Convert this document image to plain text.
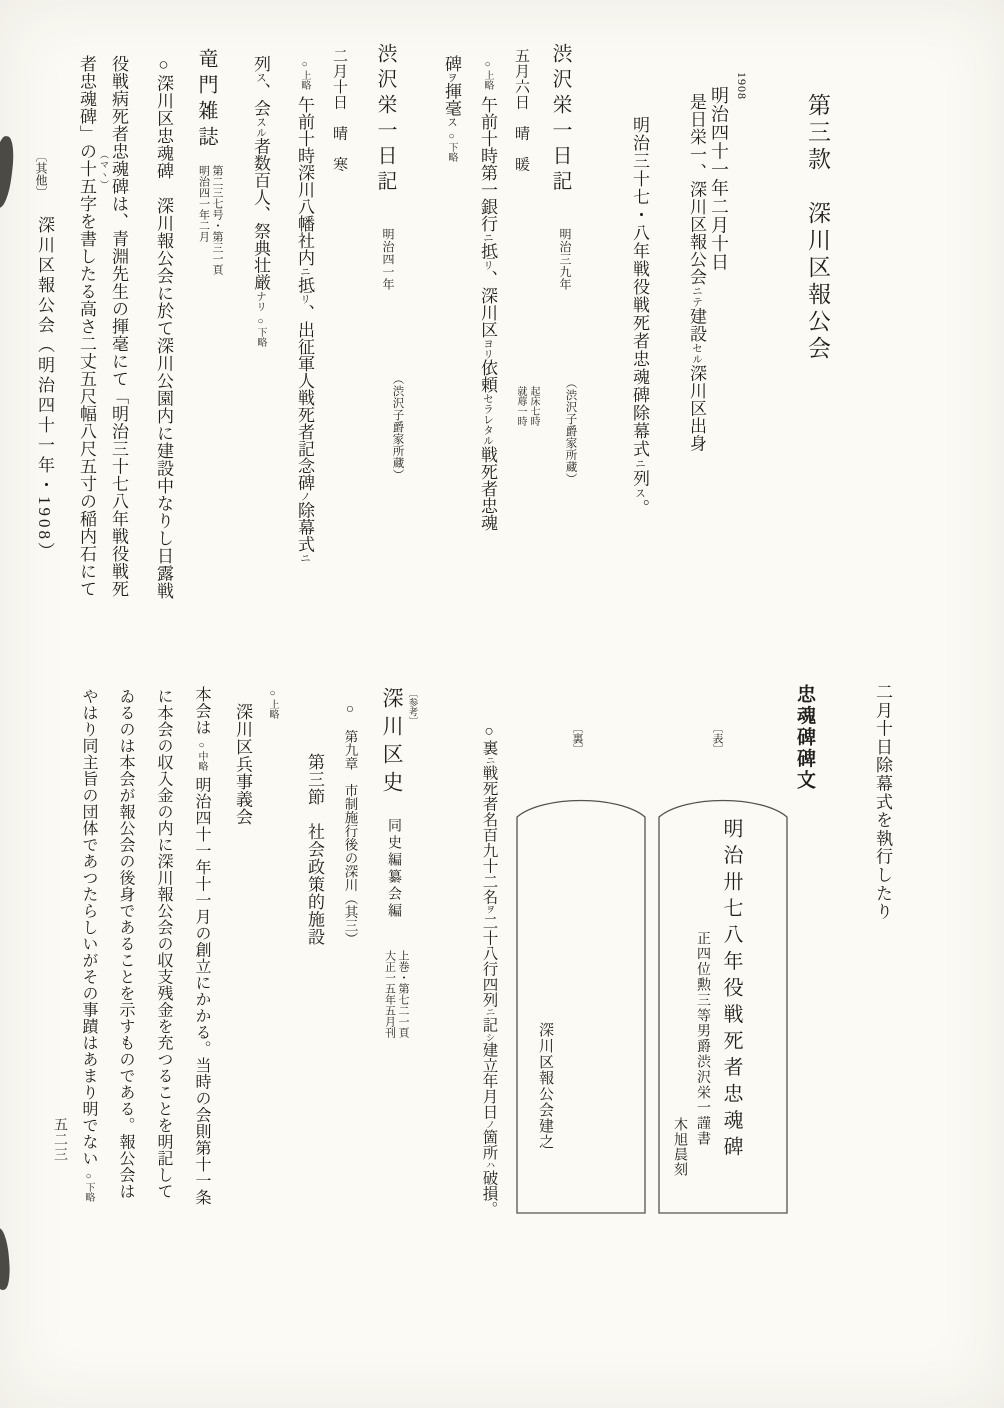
第三款　深川区報公会
1908
明治四十一年二月十日
是日栄一、深川区報公会ニテ建設セル深川区出身
明治三十七・八年戦役戦死者忠魂碑除幕式ニ列ス。
渋沢栄一日記
明治三九年
（渋沢子爵家所蔵）
五月六日　晴　暖
起床七時
就蓐一時
○上略午前十時第一銀行ニ抵リ、深川区ヨリ依頼セラレタル戦死者忠魂
碑ヲ揮毫ス○下略
渋沢栄一日記
明治四一年
（渋沢子爵家所蔵）
二月十日　晴　寒
○上略午前十時深川八幡社内ニ抵リ、出征軍人戦死者記念碑ノ除幕式ニ
列ス、会スル者数百人、祭典壮厳ナリ○下略
竜門雑誌
第二三七号・第三一頁
明治四一年二月
○深川区忠魂碑　深川報公会に於て深川公園内に建設中なりし日露戦
役戦病死者忠魂碑は、青淵先生の揮毫にて「明治三十七八年戦役戦死
者忠魂碑」の十五字を書したる高さ二丈五尺幅八尺五寸の稲内石にて （マヽ）
〔其他〕
深川区報公会（明治四十一年・1908）
二月十日除幕式を執行したり
忠魂碑碑文
〔表〕
〔裏〕
明治卅七八年役戦死者忠魂碑
正四位勲三等男爵渋沢栄一謹書
木旭晨刻
深川区報公会建之
○裏ニ戦死者名百九十二名ヲ二十八行四列ニ記シ建立年月日ノ箇所ハ破損。
〔参考〕
深川区史
同史編纂会編
上巻・第七二一頁
大正一五年五月刊
○　第九章　市制施行後の深川（其三）
第三節　社会政策的施設
○上略
深川区兵事義会
本会は○中略明治四十一年十一月の創立にかかる。当時の会則第十一条
に本会の収入金の内に深川報公会の収支残金を充つることを明記して
ゐるのは本会が報公会の後身であることを示すものである。報公会は
やはり同主旨の団体であつたらしいがその事蹟はあまり明でない○下略
五二三
